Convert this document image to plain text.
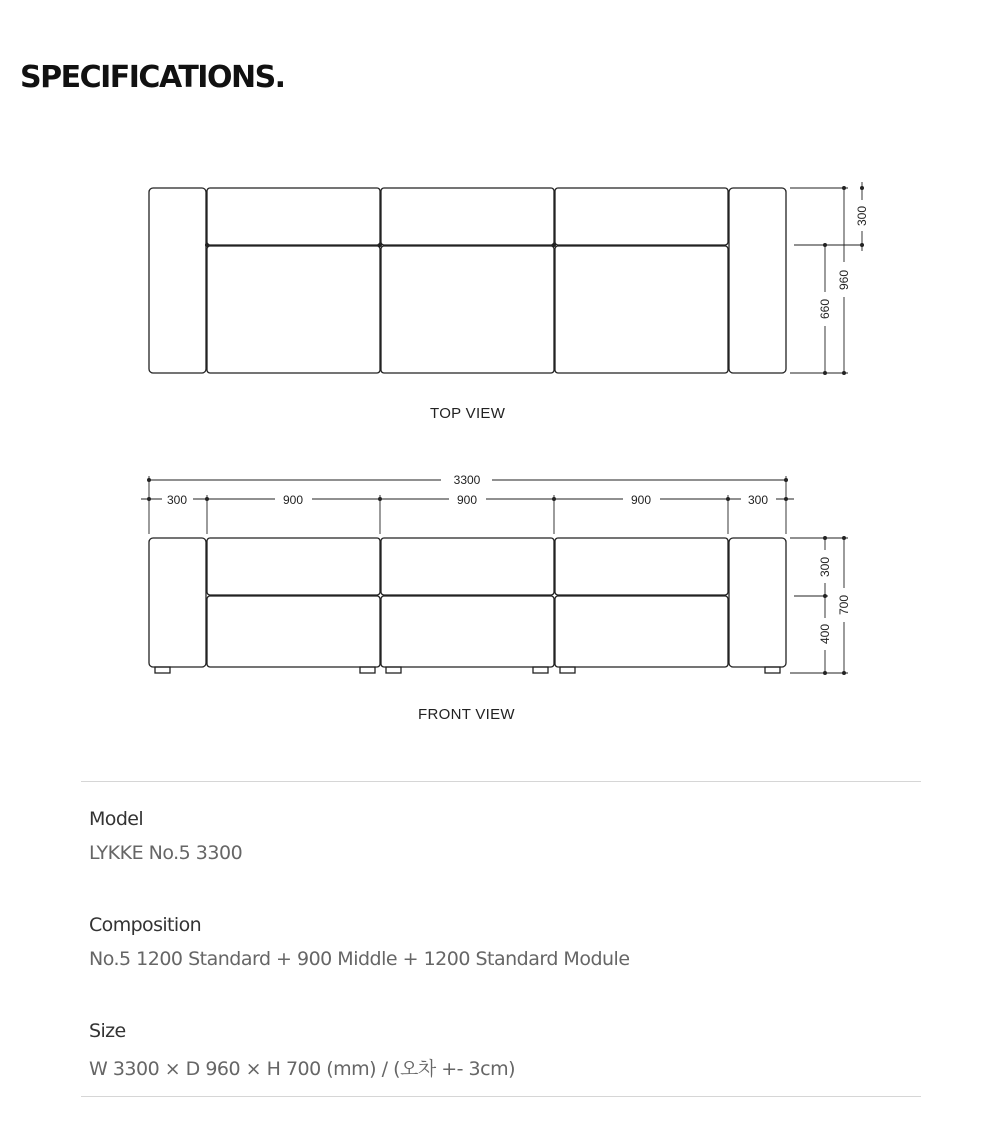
SPECIFICATIONS.
300
660
960
3300
300	900	900	900	300
300
400
700
TOP VIEW
FRONT VIEW

Model

LYKKE No.5 3300

Composition

No.5 1200 Standard + 900 Middle + 1200 Standard Module

Size

W 3300 × D 960 × H 700 (mm) / (오차 +- 3cm)
